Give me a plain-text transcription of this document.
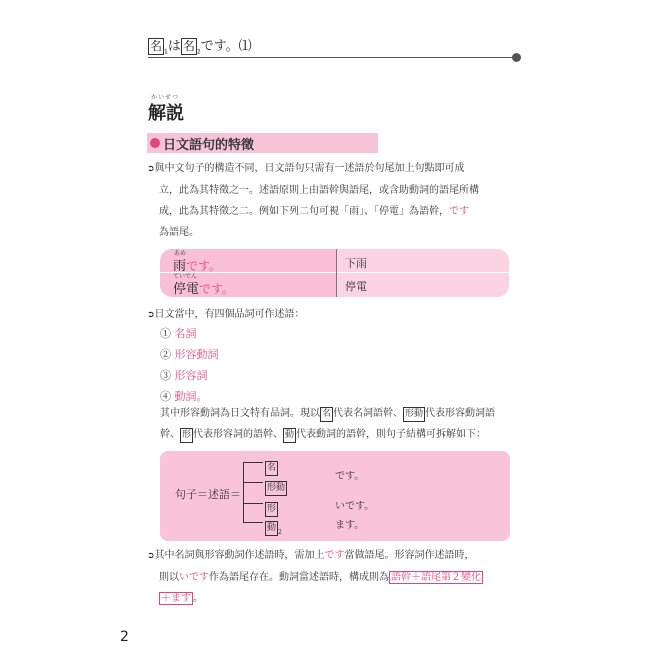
名 $_1$は 名 $_2$です。⑴
かいせつ
解説
日文語句的特徵
➲與中文句子的構造不同，日文語句只需有一述語於句尾加上句點即可成
立，此為其特徵之一。述語原則上由語幹與語尾，或含助動詞的語尾所構
成，此為其特徵之二。例如下列二句可視「雨」、「停電」為語幹，です
為語尾。
あめ
雨です。	下雨
ていでん
停電です。	停電
➲日文當中，有四個品詞可作述語：
① 名詞
② 形容動詞
③ 形容詞
④ 動詞。
其中形容動詞為日文特有品詞。現以 名 代表名詞語幹、 形動 代表形容動詞語
幹、 形 代表形容詞的語幹、 動 代表動詞的語幹，則句子結構可拆解如下：
句子＝述語＝
名
形動
形
動 $_2$
です。
いです。
ます。
➲其中名詞與形容動詞作述語時，需加上です當做語尾。形容詞作述語時，
則以いです作為語尾存在。動詞當述語時，構成則為 語幹＋語尾第２變化
＋ます 。
2
